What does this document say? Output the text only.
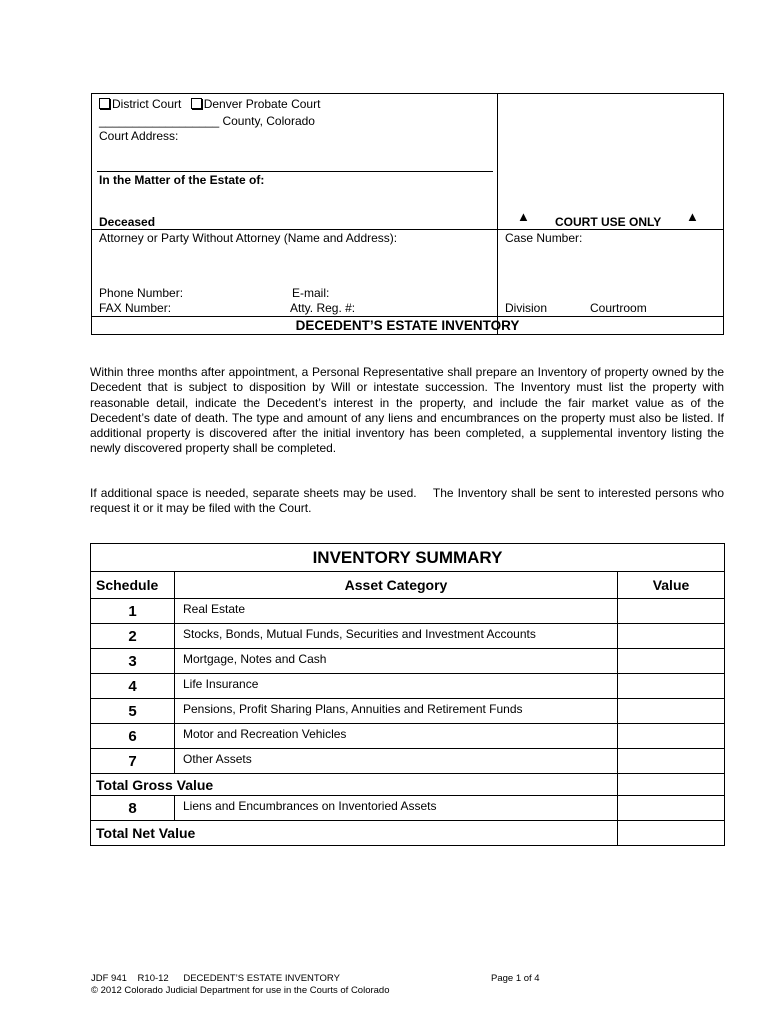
District Court Denver Probate Court
__________________ County, Colorado
Court Address:
In the Matter of the Estate of:
Deceased
Attorney or Party Without Attorney (Name and Address):
Phone Number:
FAX Number:
E-mail:
Atty. Reg. #:
▲ COURT USE ONLY ▲
Case Number:
Division	Courtroom
DECEDENT’S ESTATE INVENTORY
Within three months after appointment, a Personal Representative shall prepare an Inventory of property owned by the Decedent that is subject to disposition by Will or intestate succession. The Inventory must list the property with reasonable detail, indicate the Decedent’s interest in the property, and include the fair market value as of the Decedent’s date of death. The type and amount of any liens and encumbrances on the property must also be listed. If additional property is discovered after the initial inventory has been completed, a supplemental inventory listing the newly discovered property shall be completed.
If additional space is needed, separate sheets may be used.    The Inventory shall be sent to interested persons who request it or it may be filed with the Court.
INVENTORY SUMMARY		
Schedule	Asset Category	Value
1	Real Estate	
2	Stocks, Bonds, Mutual Funds, Securities and Investment Accounts	
3	Mortgage, Notes and Cash	
4	Life Insurance	
5	Pensions, Profit Sharing Plans, Annuities and Retirement Funds	
6	Motor and Recreation Vehicles	
7	Other Assets	
Total Gross Value		
8	Liens and Encumbrances on Inventoried Assets	
Total Net Value		
JDF 941 R10-12 DECEDENT’S ESTATE INVENTORY	Page 1 of 4
© 2012 Colorado Judicial Department for use in the Courts of Colorado
